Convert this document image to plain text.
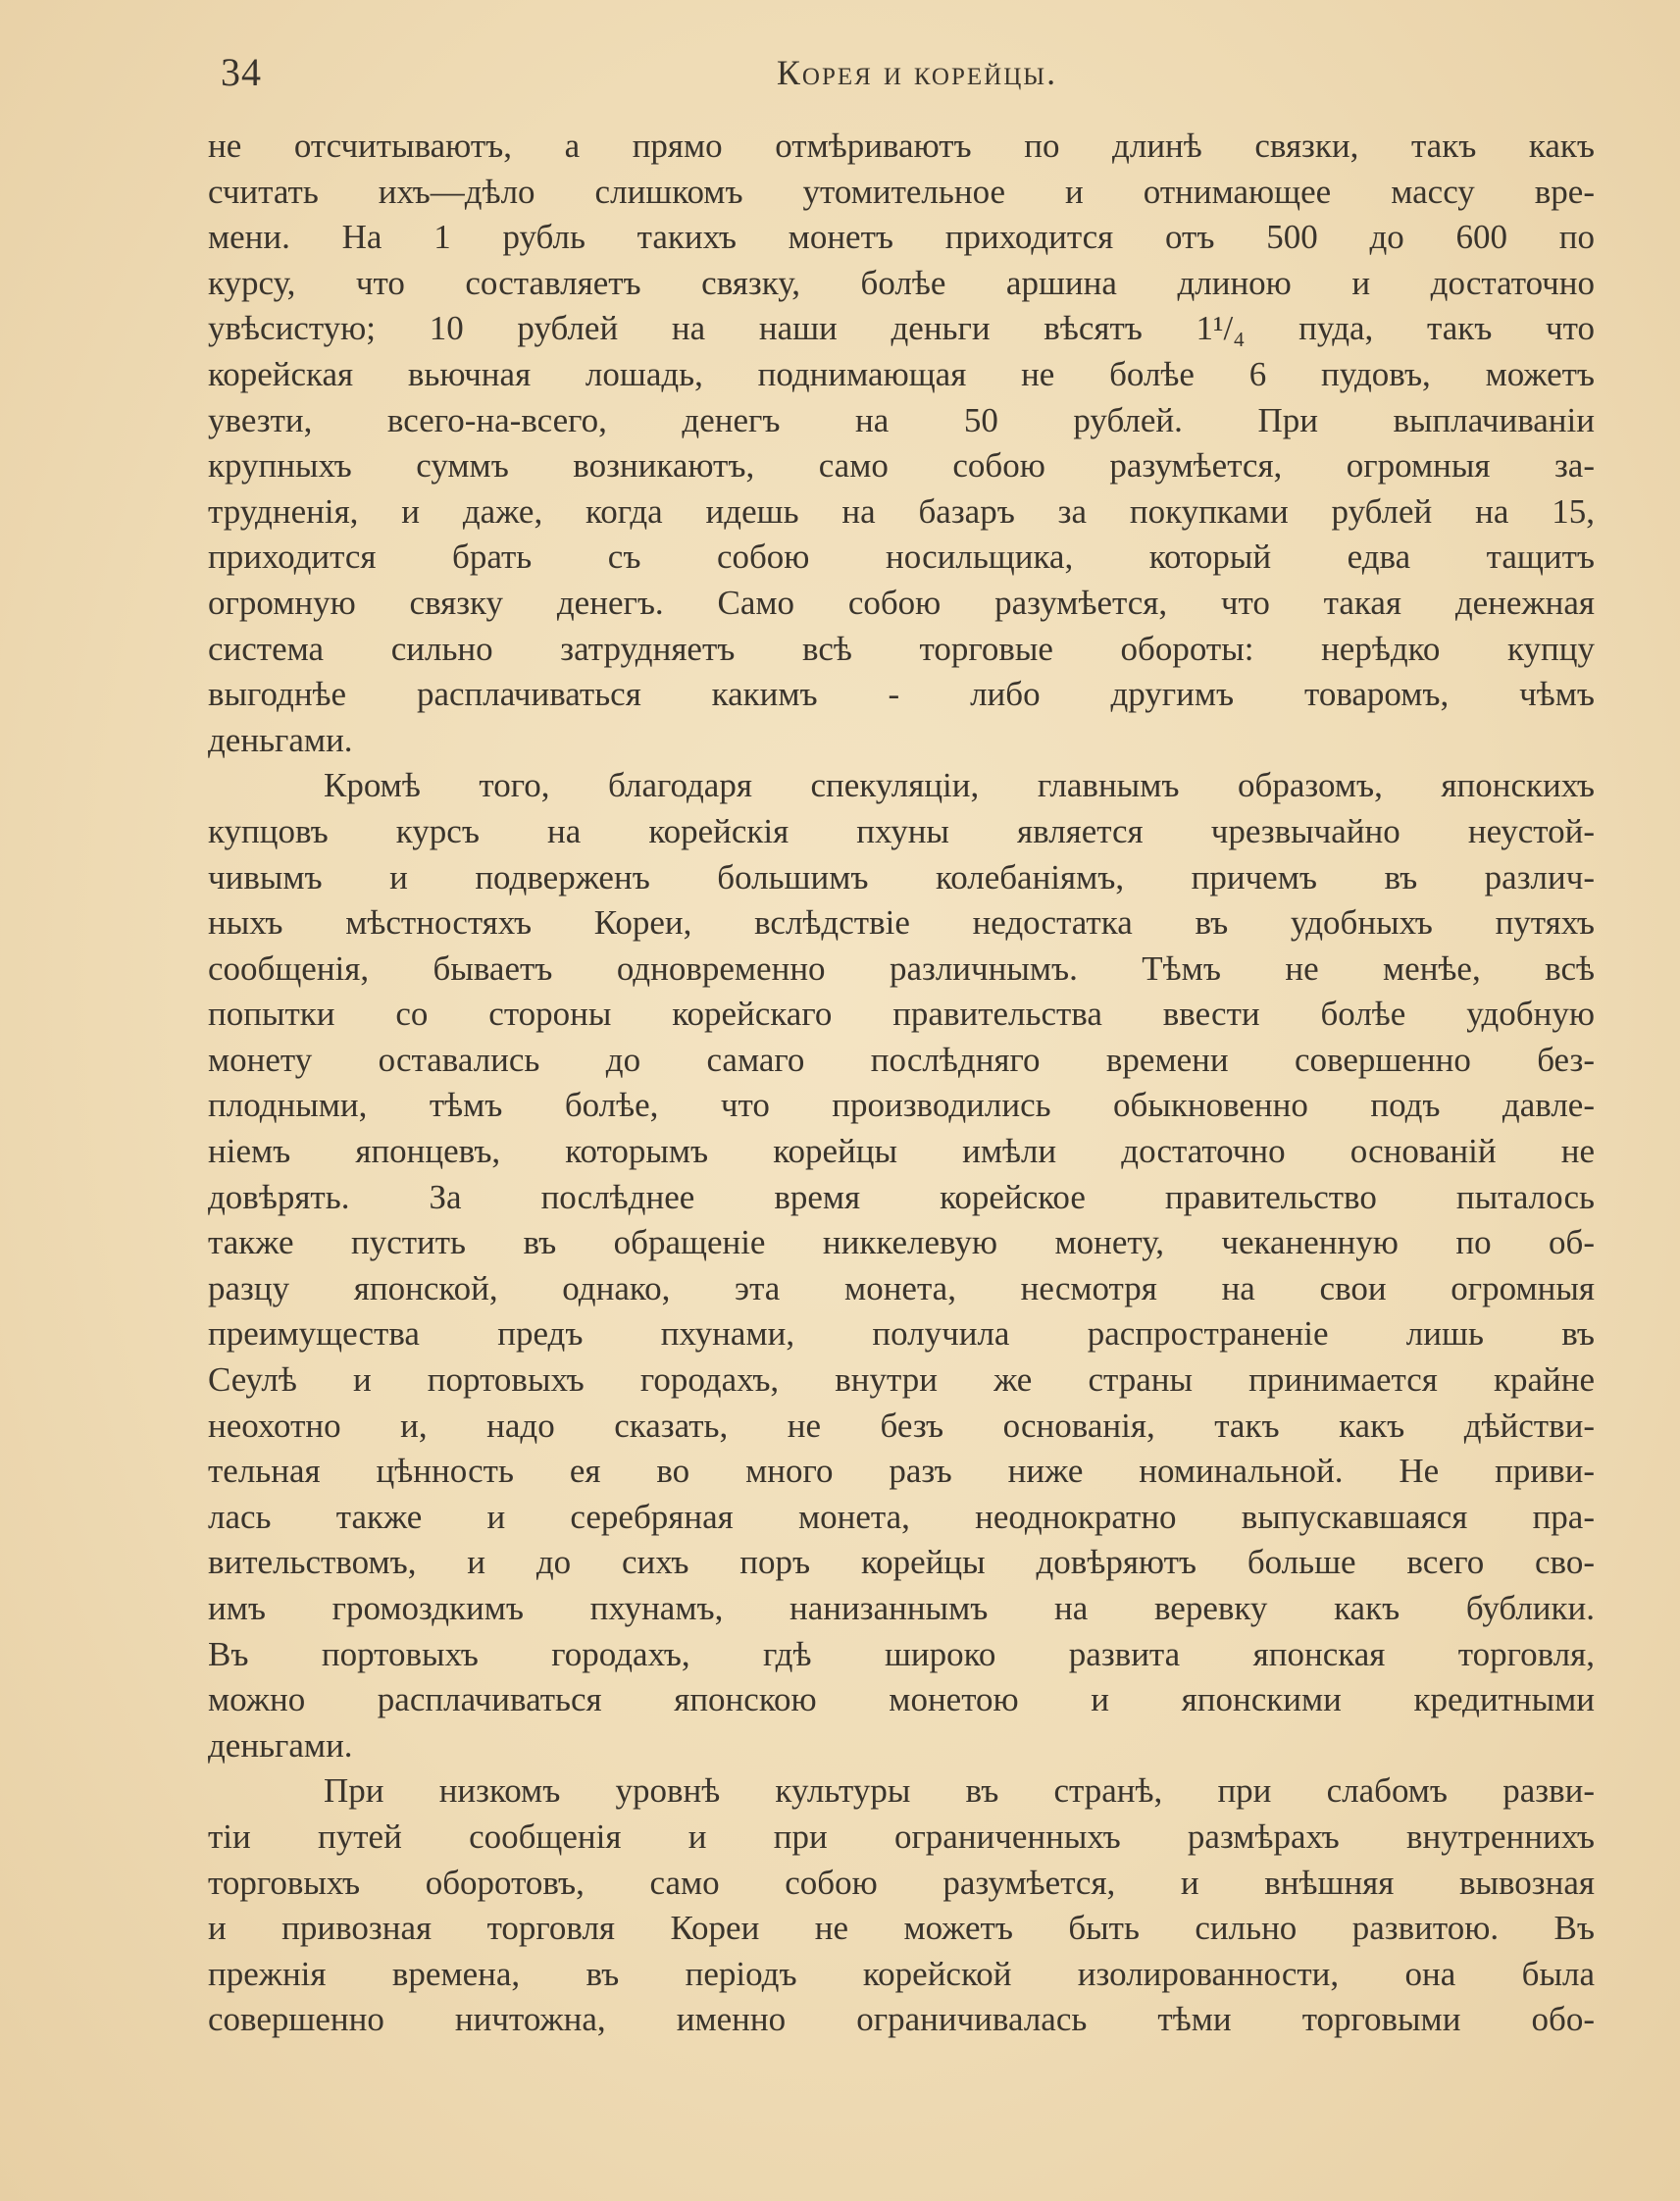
34	Корея и корейцы.
не отсчитываютъ, а прямо отмѣриваютъ по длинѣ связки, такъ какъ
считать ихъ—дѣло слишкомъ утомительное и отнимающее массу вре-
мени. На 1 рубль такихъ монетъ приходится отъ 500 до 600 по
курсу, что составляетъ связку, болѣе аршина длиною и достаточно
увѣсистую; 10 рублей на наши деньги вѣсятъ 1¹/₄ пуда, такъ что
корейская вьючная лошадь, поднимающая не болѣе 6 пудовъ, можетъ
увезти, всего-на-всего, денегъ на 50 рублей. При выплачиваніи
крупныхъ суммъ возникаютъ, само собою разумѣется, огромныя за-
трудненія, и даже, когда идешь на базаръ за покупками рублей на 15,
приходится брать съ собою носильщика, который едва тащитъ
огромную связку денегъ. Само собою разумѣется, что такая денежная
система сильно затрудняетъ всѣ торговые обороты: нерѣдко купцу
выгоднѣе расплачиваться какимъ - либо другимъ товаромъ, чѣмъ
деньгами.
Кромѣ того, благодаря спекуляціи, главнымъ образомъ, японскихъ
купцовъ курсъ на корейскія пхуны является чрезвычайно неустой-
чивымъ и подверженъ большимъ колебаніямъ, причемъ въ различ-
ныхъ мѣстностяхъ Кореи, вслѣдствіе недостатка въ удобныхъ путяхъ
сообщенія, бываетъ одновременно различнымъ. Тѣмъ не менѣе, всѣ
попытки со стороны корейскаго правительства ввести болѣе удобную
монету оставались до самаго послѣдняго времени совершенно без-
плодными, тѣмъ болѣе, что производились обыкновенно подъ давле-
ніемъ японцевъ, которымъ корейцы имѣли достаточно основаній не
довѣрять. За послѣднее время корейское правительство пыталось
также пустить въ обращеніе никкелевую монету, чеканенную по об-
разцу японской, однако, эта монета, несмотря на свои огромныя
преимущества предъ пхунами, получила распространеніе лишь въ
Сеулѣ и портовыхъ городахъ, внутри же страны принимается крайне
неохотно и, надо сказать, не безъ основанія, такъ какъ дѣйстви-
тельная цѣнность ея во много разъ ниже номинальной. Не приви-
лась также и серебряная монета, неоднократно выпускавшаяся пра-
вительствомъ, и до сихъ поръ корейцы довѣряютъ больше всего сво-
имъ громоздкимъ пхунамъ, нанизаннымъ на веревку какъ бублики.
Въ портовыхъ городахъ, гдѣ широко развита японская торговля,
можно расплачиваться японскою монетою и японскими кредитными
деньгами.
При низкомъ уровнѣ культуры въ странѣ, при слабомъ разви-
тіи путей сообщенія и при ограниченныхъ размѣрахъ внутреннихъ
торговыхъ оборотовъ, само собою разумѣется, и внѣшняя вывозная
и привозная торговля Кореи не можетъ быть сильно развитою. Въ
прежнія времена, въ періодъ корейской изолированности, она была
совершенно ничтожна, именно ограничивалась тѣми торговыми обо-
